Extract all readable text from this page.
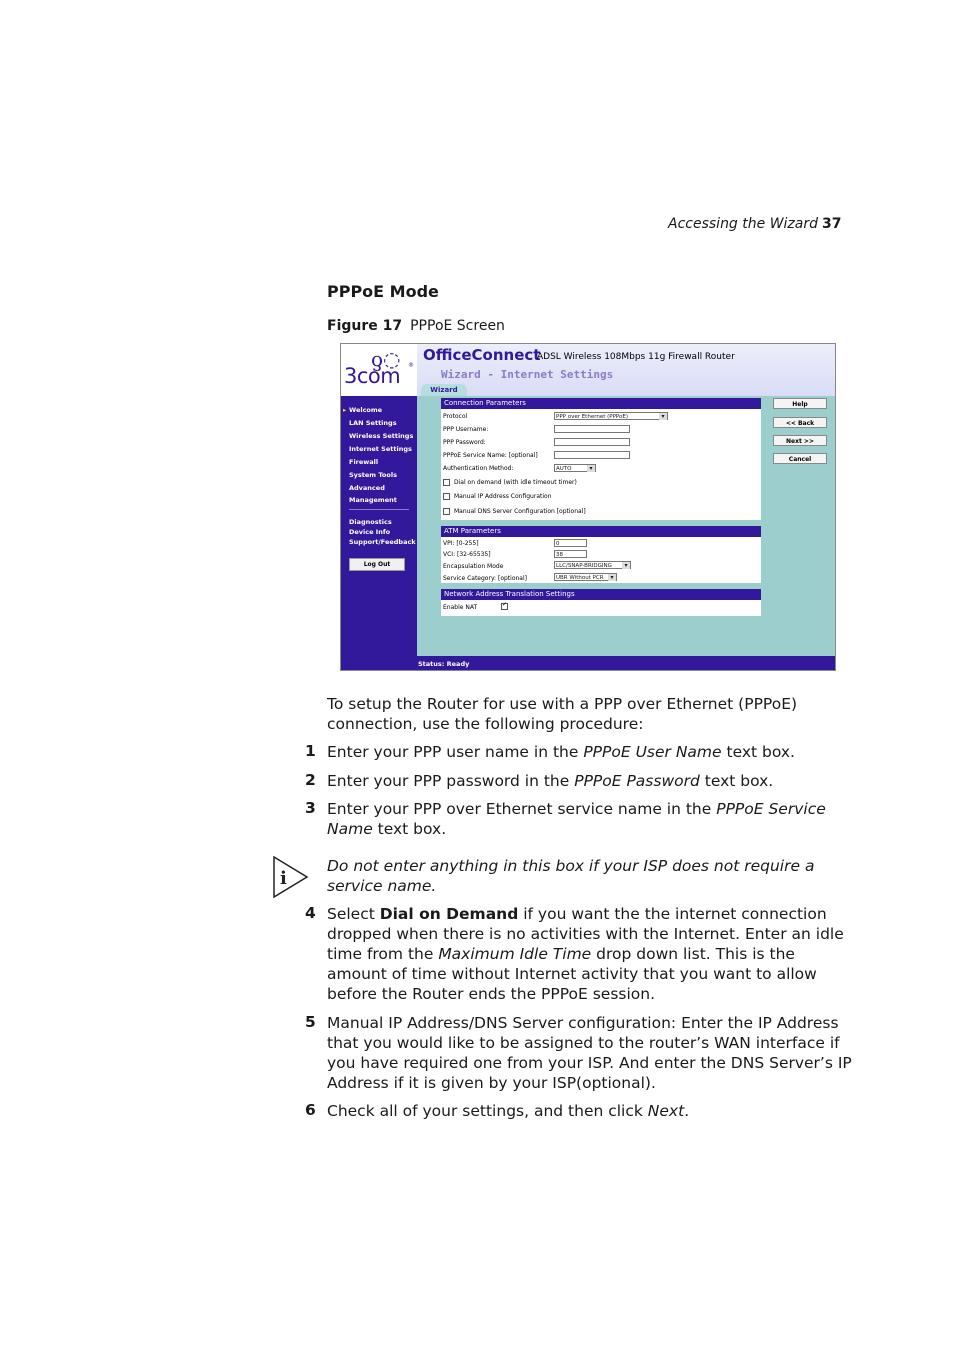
Accessing the Wizard 37
PPPoE Mode
Figure 17 PPPoE Screen
ƍ◌
3com ®
▸ Welcome
LAN Settings
Wireless Settings
Internet Settings
Firewall
System Tools
Advanced
Management
Diagnostics
Device Info
Support/Feedback
Log Out
OfficeConnect
ADSL Wireless 108Mbps 11g Firewall Router
Wizard - Internet Settings
Wizard
Connection Parameters
Protocol	PPP over Ethernet (PPPoE) ▾
PPP Username:
PPP Password:
PPPoE Service Name: [optional]
Authentication Method:	AUTO ▾
Dial on demand (with idle timeout timer)
Manual IP Address Configuration
Manual DNS Server Configuration [optional]
ATM Parameters
VPI: [0-255]	0
VCI: [32-65535]	38
Encapsulation Mode	LLC/SNAP-BRIDGING ▾
Service Category: [optional]	UBR Without PCR ▾
Network Address Translation Settings
Enable NAT	✓
Help
<< Back
Next >>
Cancel
Status: Ready
To setup the Router for use with a PPP over Ethernet (PPPoE) connection, use the following procedure:
1 Enter your PPP user name in the PPPoE User Name text box.
2 Enter your PPP password in the PPPoE Password text box.
3 Enter your PPP over Ethernet service name in the PPPoE Service Name text box.
i
Do not enter anything in this box if your ISP does not require a service name.
4 Select Dial on Demand if you want the the internet connection dropped when there is no activities with the Internet. Enter an idle time from the Maximum Idle Time drop down list. This is the amount of time without Internet activity that you want to allow before the Router ends the PPPoE session.
5 Manual IP Address/DNS Server configuration: Enter the IP Address that you would like to be assigned to the router’s WAN interface if you have required one from your ISP. And enter the DNS Server’s IP Address if it is given by your ISP(optional).
6 Check all of your settings, and then click Next.
